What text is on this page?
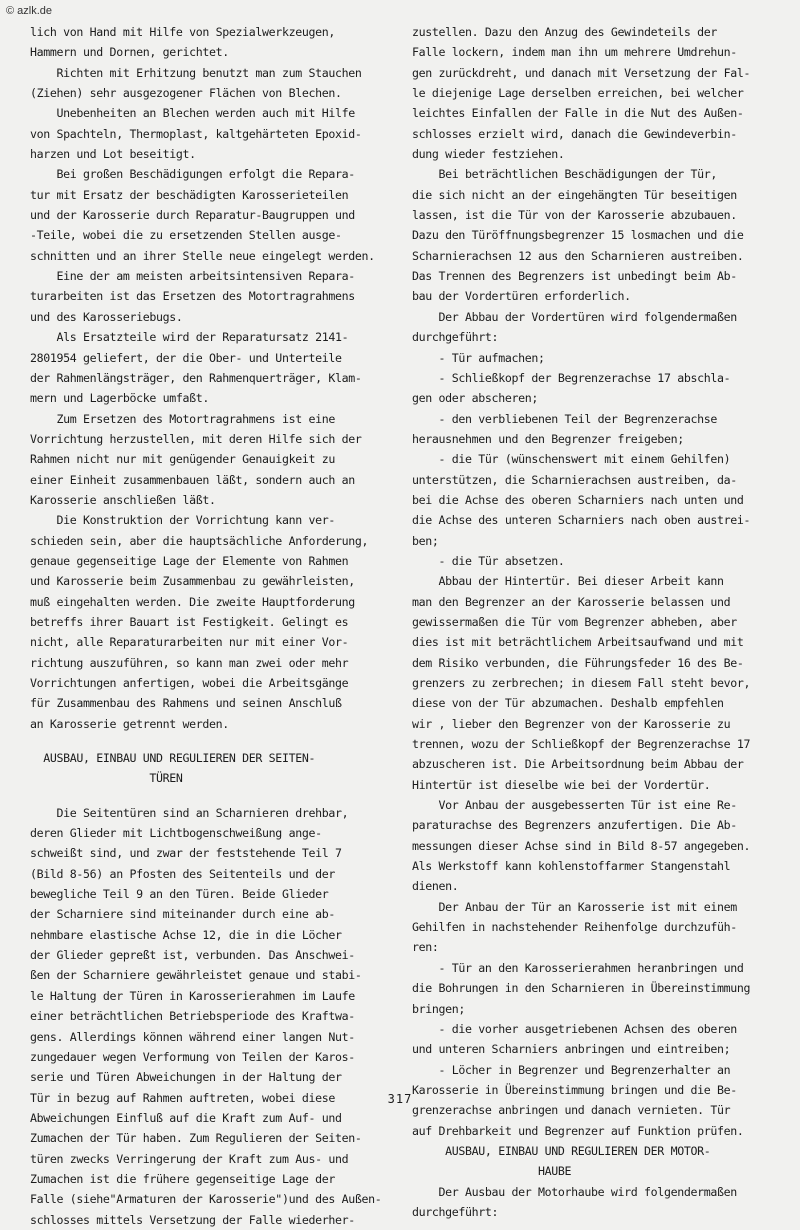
© azlk.de
lich von Hand mit Hilfe von Spezialwerkzeugen,
Hammern und Dornen, gerichtet.
Richten mit Erhitzung benutzt man zum Stauchen
(Ziehen) sehr ausgezogener Flächen von Blechen.
Unebenheiten an Blechen werden auch mit Hilfe
von Spachteln, Thermoplast, kaltgehärteten Epoxid-
harzen und Lot beseitigt.
Bei großen Beschädigungen erfolgt die Repara-
tur mit Ersatz der beschädigten Karosserieteilen
und der Karosserie durch Reparatur-Baugruppen und
-Teile, wobei die zu ersetzenden Stellen ausge-
schnitten und an ihrer Stelle neue eingelegt werden.
Eine der am meisten arbeitsintensiven Repara-
turarbeiten ist das Ersetzen des Motortragrahmens
und des Karosseriebugs.
Als Ersatzteile wird der Reparatursatz 2141-
2801954 geliefert, der die Ober- und Unterteile
der Rahmenlängsträger, den Rahmenquerträger, Klam-
mern und Lagerböcke umfaßt.
Zum Ersetzen des Motortragrahmens ist eine
Vorrichtung herzustellen, mit deren Hilfe sich der
Rahmen nicht nur mit genügender Genauigkeit zu
einer Einheit zusammenbauen läßt, sondern auch an
Karosserie anschließen läßt.
Die Konstruktion der Vorrichtung kann ver-
schieden sein, aber die hauptsächliche Anforderung,
genaue gegenseitige Lage der Elemente von Rahmen
und Karosserie beim Zusammenbau zu gewährleisten,
muß eingehalten werden. Die zweite Hauptforderung
betreffs ihrer Bauart ist Festigkeit. Gelingt es
nicht, alle Reparaturarbeiten nur mit einer Vor-
richtung auszuführen, so kann man zwei oder mehr
Vorrichtungen anfertigen, wobei die Arbeitsgänge
für Zusammenbau des Rahmens und seinen Anschluß
an Karosserie getrennt werden.
AUSBAU, EINBAU UND REGULIEREN DER SEITEN-
TÜREN
Die Seitentüren sind an Scharnieren drehbar,
deren Glieder mit Lichtbogenschweißung ange-
schweißt sind, und zwar der feststehende Teil 7
(Bild 8-56) an Pfosten des Seitenteils und der
bewegliche Teil 9 an den Türen. Beide Glieder
der Scharniere sind miteinander durch eine ab-
nehmbare elastische Achse 12, die in die Löcher
der Glieder gepreßt ist, verbunden. Das Anschwei-
ßen der Scharniere gewährleistet genaue und stabi-
le Haltung der Türen in Karosserierahmen im Laufe
einer beträchtlichen Betriebsperiode des Kraftwa-
gens. Allerdings können während einer langen Nut-
zungedauer wegen Verformung von Teilen der Karos-
serie und Türen Abweichungen in der Haltung der
Tür in bezug auf Rahmen auftreten, wobei diese
Abweichungen Einfluß auf die Kraft zum Auf- und
Zumachen der Tür haben. Zum Regulieren der Seiten-
türen zwecks Verringerung der Kraft zum Aus- und
Zumachen ist die frühere gegenseitige Lage der
Falle (siehe"Armaturen der Karosserie")und des Außen-
schlosses mittels Versetzung der Falle wiederher-
zustellen. Dazu den Anzug des Gewindeteils der
Falle lockern, indem man ihn um mehrere Umdrehun-
gen zurückdreht, und danach mit Versetzung der Fal-
le diejenige Lage derselben erreichen, bei welcher
leichtes Einfallen der Falle in die Nut des Außen-
schlosses erzielt wird, danach die Gewindeverbin-
dung wieder festziehen.
Bei beträchtlichen Beschädigungen der Tür,
die sich nicht an der eingehängten Tür beseitigen
lassen, ist die Tür von der Karosserie abzubauen.
Dazu den Türöffnungsbegrenzer 15 losmachen und die
Scharnierachsen 12 aus den Scharnieren austreiben.
Das Trennen des Begrenzers ist unbedingt beim Ab-
bau der Vordertüren erforderlich.
Der Abbau der Vordertüren wird folgendermaßen
durchgeführt:
- Tür aufmachen;
- Schließkopf der Begrenzerachse 17 abschla-
gen oder abscheren;
- den verbliebenen Teil der Begrenzerachse
herausnehmen und den Begrenzer freigeben;
- die Tür (wünschenswert mit einem Gehilfen)
unterstützen, die Scharnierachsen austreiben, da-
bei die Achse des oberen Scharniers nach unten und
die Achse des unteren Scharniers nach oben austrei-
ben;
- die Tür absetzen.
Abbau der Hintertür. Bei dieser Arbeit kann
man den Begrenzer an der Karosserie belassen und
gewissermaßen die Tür vom Begrenzer abheben, aber
dies ist mit beträchtlichem Arbeitsaufwand und mit
dem Risiko verbunden, die Führungsfeder 16 des Be-
grenzers zu zerbrechen; in diesem Fall steht bevor,
diese von der Tür abzumachen. Deshalb empfehlen
wir , lieber den Begrenzer von der Karosserie zu
trennen, wozu der Schließkopf der Begrenzerachse 17
abzuscheren ist. Die Arbeitsordnung beim Abbau der
Hintertür ist dieselbe wie bei der Vordertür.
Vor Anbau der ausgebesserten Tür ist eine Re-
paraturachse des Begrenzers anzufertigen. Die Ab-
messungen dieser Achse sind in Bild 8-57 angegeben.
Als Werkstoff kann kohlenstoffarmer Stangenstahl
dienen.
Der Anbau der Tür an Karosserie ist mit einem
Gehilfen in nachstehender Reihenfolge durchzufüh-
ren:
- Tür an den Karosserierahmen heranbringen und
die Bohrungen in den Scharnieren in Übereinstimmung
bringen;
- die vorher ausgetriebenen Achsen des oberen
und unteren Scharniers anbringen und eintreiben;
- Löcher in Begrenzer und Begrenzerhalter an
Karosserie in Übereinstimmung bringen und die Be-
grenzerachse anbringen und danach vernieten. Tür
auf Drehbarkeit und Begrenzer auf Funktion prüfen.
AUSBAU, EINBAU UND REGULIEREN DER MOTOR-
HAUBE
Der Ausbau der Motorhaube wird folgendermaßen
durchgeführt:
317
